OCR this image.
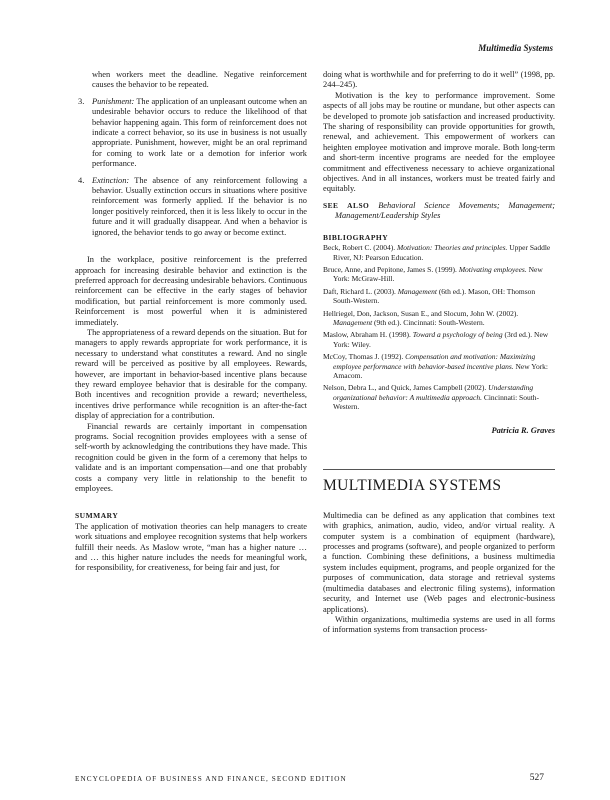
Multimedia Systems

when workers meet the deadline. Negative reinforcement causes the behavior to be repeated.

3. Punishment: The application of an unpleasant outcome when an undesirable behavior occurs to reduce the likelihood of that behavior happening again. This form of reinforcement does not indicate a correct behavior, so its use in business is not usually appropriate. Punishment, however, might be an oral reprimand for coming to work late or a demotion for inferior work performance.
4. Extinction: The absence of any reinforcement following a behavior. Usually extinction occurs in situations where positive reinforcement was formerly applied. If the behavior is no longer positively reinforced, then it is less likely to occur in the future and it will gradually disappear. And when a behavior is ignored, the behavior tends to go away or become extinct.

In the workplace, positive reinforcement is the preferred approach for increasing desirable behavior and extinction is the preferred approach for decreasing undesirable behaviors. Continuous reinforcement can be effective in the early stages of behavior modification, but partial reinforcement is more commonly used. Reinforcement is most powerful when it is administered immediately.

The appropriateness of a reward depends on the situation. But for managers to apply rewards appropriate for work performance, it is necessary to understand what constitutes a reward. And no single reward will be perceived as positive by all employees. Rewards, however, are important in behavior-based incentive plans because they reward employee behavior that is desirable for the company. Both incentives and recognition provide a reward; nevertheless, incentives drive performance while recognition is an after-the-fact display of appreciation for a contribution.

Financial rewards are certainly important in compensation programs. Social recognition provides employees with a sense of self-worth by acknowledging the contributions they have made. This recognition could be given in the form of a ceremony that helps to validate and is an important compensation—and one that probably costs a company very little in relationship to the benefit to employees.

SUMMARY

The application of motivation theories can help managers to create work situations and employee recognition systems that help workers fulfill their needs. As Maslow wrote, “man has a higher nature … and … this higher nature includes the needs for meaningful work, for responsibility, for creativeness, for being fair and just, for

doing what is worthwhile and for preferring to do it well” (1998, pp. 244–245).

Motivation is the key to performance improvement. Some aspects of all jobs may be routine or mundane, but other aspects can be developed to promote job satisfaction and increased productivity. The sharing of responsibility can provide opportunities for growth, renewal, and achievement. This empowerment of workers can heighten employee motivation and improve morale. Both long-term and short-term incentive programs are needed for the employee commitment and effectiveness necessary to achieve organizational objectives. And in all instances, workers must be treated fairly and equitably.

SEE ALSO Behavioral Science Movements; Management; Management/Leadership Styles

BIBLIOGRAPHY
Beck, Robert C. (2004). Motivation: Theories and principles. Upper Saddle River, NJ: Pearson Education.
Bruce, Anne, and Pepitone, James S. (1999). Motivating employees. New York: McGraw-Hill.
Daft, Richard L. (2003). Management (6th ed.). Mason, OH: Thomson South-Western.
Hellriegel, Don, Jackson, Susan E., and Slocum, John W. (2002). Management (9th ed.). Cincinnati: South-Western.
Maslow, Abraham H. (1998). Toward a psychology of being (3rd ed.). New York: Wiley.
McCoy, Thomas J. (1992). Compensation and motivation: Maximizing employee performance with behavior-based incentive plans. New York: Amacom.
Nelson, Debra L., and Quick, James Campbell (2002). Understanding organizational behavior: A multimedia approach. Cincinnati: South-Western.
Patricia R. Graves
MULTIMEDIA SYSTEMS

Multimedia can be defined as any application that combines text with graphics, animation, audio, video, and/or virtual reality. A computer system is a combination of equipment (hardware), processes and programs (software), and people organized to perform a function. Combining these definitions, a business multimedia system includes equipment, programs, and people organized for the purposes of communication, data storage and retrieval systems (multimedia databases and electronic filing systems), information security, and Internet use (Web pages and electronic-business applications).

Within organizations, multimedia systems are used in all forms of information systems from transaction process-

ENCYCLOPEDIA OF BUSINESS AND FINANCE, SECOND EDITION	527
